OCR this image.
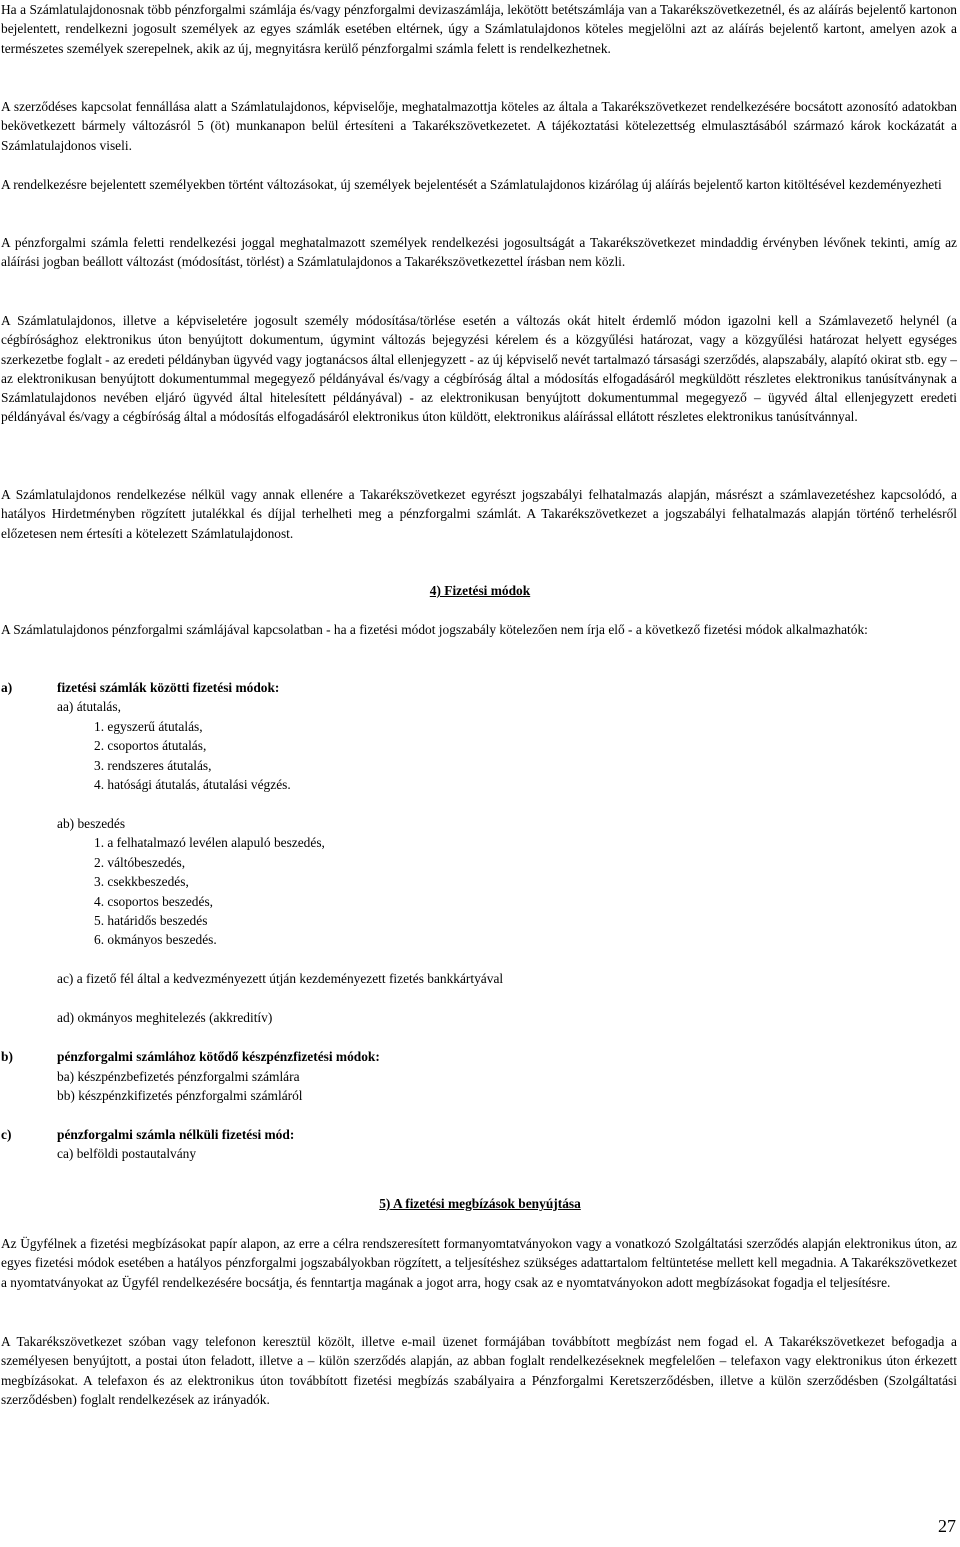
Ha a Számlatulajdonosnak több pénzforgalmi számlája és/vagy pénzforgalmi devizaszámlája, lekötött betétszámlája van a Takarékszövetkezetnél, és az aláírás bejelentő kartonon bejelentett, rendelkezni jogosult személyek az egyes számlák esetében eltérnek, úgy a Számlatulajdonos köteles megjelölni azt az aláírás bejelentő kartont, amelyen azok a természetes személyek szerepelnek, akik az új, megnyitásra kerülő pénzforgalmi számla felett is rendelkezhetnek.

A szerződéses kapcsolat fennállása alatt a Számlatulajdonos, képviselője, meghatalmazottja köteles az általa a Takarékszövetkezet rendelkezésére bocsátott azonosító adatokban bekövetkezett bármely változásról 5 (öt) munkanapon belül értesíteni a Takarékszövetkezetet. A tájékoztatási kötelezettség elmulasztásából származó károk kockázatát a Számlatulajdonos viseli.

A rendelkezésre bejelentett személyekben történt változásokat, új személyek bejelentését a Számlatulajdonos kizárólag új aláírás bejelentő karton kitöltésével kezdeményezheti

A pénzforgalmi számla feletti rendelkezési joggal meghatalmazott személyek rendelkezési jogosultságát a Takarékszövetkezet mindaddig érvényben lévőnek tekinti, amíg az aláírási jogban beállott változást (módosítást, törlést) a Számlatulajdonos a Takarékszövetkezettel írásban nem közli.

A Számlatulajdonos, illetve a képviseletére jogosult személy módosítása/törlése esetén a változás okát hitelt érdemlő módon igazolni kell a Számlavezető helynél (a cégbírósághoz elektronikus úton benyújtott dokumentum, úgymint változás bejegyzési kérelem és a közgyűlési határozat, vagy a közgyűlési határozat helyett egységes szerkezetbe foglalt - az eredeti példányban ügyvéd vagy jogtanácsos által ellenjegyzett - az új képviselő nevét tartalmazó társasági szerződés, alapszabály, alapító okirat stb. egy – az elektronikusan benyújtott dokumentummal megegyező példányával és/vagy a cégbíróság által a módosítás elfogadásáról megküldött részletes elektronikus tanúsítványnak a Számlatulajdonos nevében eljáró ügyvéd által hitelesített példányával) - az elektronikusan benyújtott dokumentummal megegyező – ügyvéd által ellenjegyzett eredeti példányával és/vagy a cégbíróság által a módosítás elfogadásáról elektronikus úton küldött, elektronikus aláírással ellátott részletes elektronikus tanúsítvánnyal.

A Számlatulajdonos rendelkezése nélkül vagy annak ellenére a Takarékszövetkezet egyrészt jogszabályi felhatalmazás alapján, másrészt a számlavezetéshez kapcsolódó, a hatályos Hirdetményben rögzített jutalékkal és díjjal terhelheti meg a pénzforgalmi számlát. A Takarékszövetkezet a jogszabályi felhatalmazás alapján történő terhelésről előzetesen nem értesíti a kötelezett Számlatulajdonost.

4) Fizetési módok

A Számlatulajdonos pénzforgalmi számlájával kapcsolatban - ha a fizetési módot jogszabály kötelezően nem írja elő - a következő fizetési módok alkalmazhatók:

a)	fizetési számlák közötti fizetési módok:
aa) átutalás,
1. egyszerű átutalás,
2. csoportos átutalás,
3. rendszeres átutalás,
4. hatósági átutalás, átutalási végzés.
ab) beszedés
1. a felhatalmazó levélen alapuló beszedés,
2. váltóbeszedés,
3. csekkbeszedés,
4. csoportos beszedés,
5. határidős beszedés
6. okmányos beszedés.
ac) a fizető fél által a kedvezményezett útján kezdeményezett fizetés bankkártyával
ad) okmányos meghitelezés (akkreditív)
b)	pénzforgalmi számlához kötődő készpénzfizetési módok:
ba) készpénzbefizetés pénzforgalmi számlára
bb) készpénzkifizetés pénzforgalmi számláról
c)	pénzforgalmi számla nélküli fizetési mód:
ca) belföldi postautalvány

5) A fizetési megbízások benyújtása

Az Ügyfélnek a fizetési megbízásokat papír alapon, az erre a célra rendszeresített formanyomtatványokon vagy a vonatkozó Szolgáltatási szerződés alapján elektronikus úton, az egyes fizetési módok esetében a hatályos pénzforgalmi jogszabályokban rögzített, a teljesítéshez szükséges adattartalom feltüntetése mellett kell megadnia. A Takarékszövetkezet a nyomtatványokat az Ügyfél rendelkezésére bocsátja, és fenntartja magának a jogot arra, hogy csak az e nyomtatványokon adott megbízásokat fogadja el teljesítésre.

A Takarékszövetkezet szóban vagy telefonon keresztül közölt, illetve e-mail üzenet formájában továbbított megbízást nem fogad el. A Takarékszövetkezet befogadja a személyesen benyújtott, a postai úton feladott, illetve a – külön szerződés alapján, az abban foglalt rendelkezéseknek megfelelően – telefaxon vagy elektronikus úton érkezett megbízásokat. A telefaxon és az elektronikus úton továbbított fizetési megbízás szabályaira a Pénzforgalmi Keretszerződésben, illetve a külön szerződésben (Szolgáltatási szerződésben) foglalt rendelkezések az irányadók.

27
